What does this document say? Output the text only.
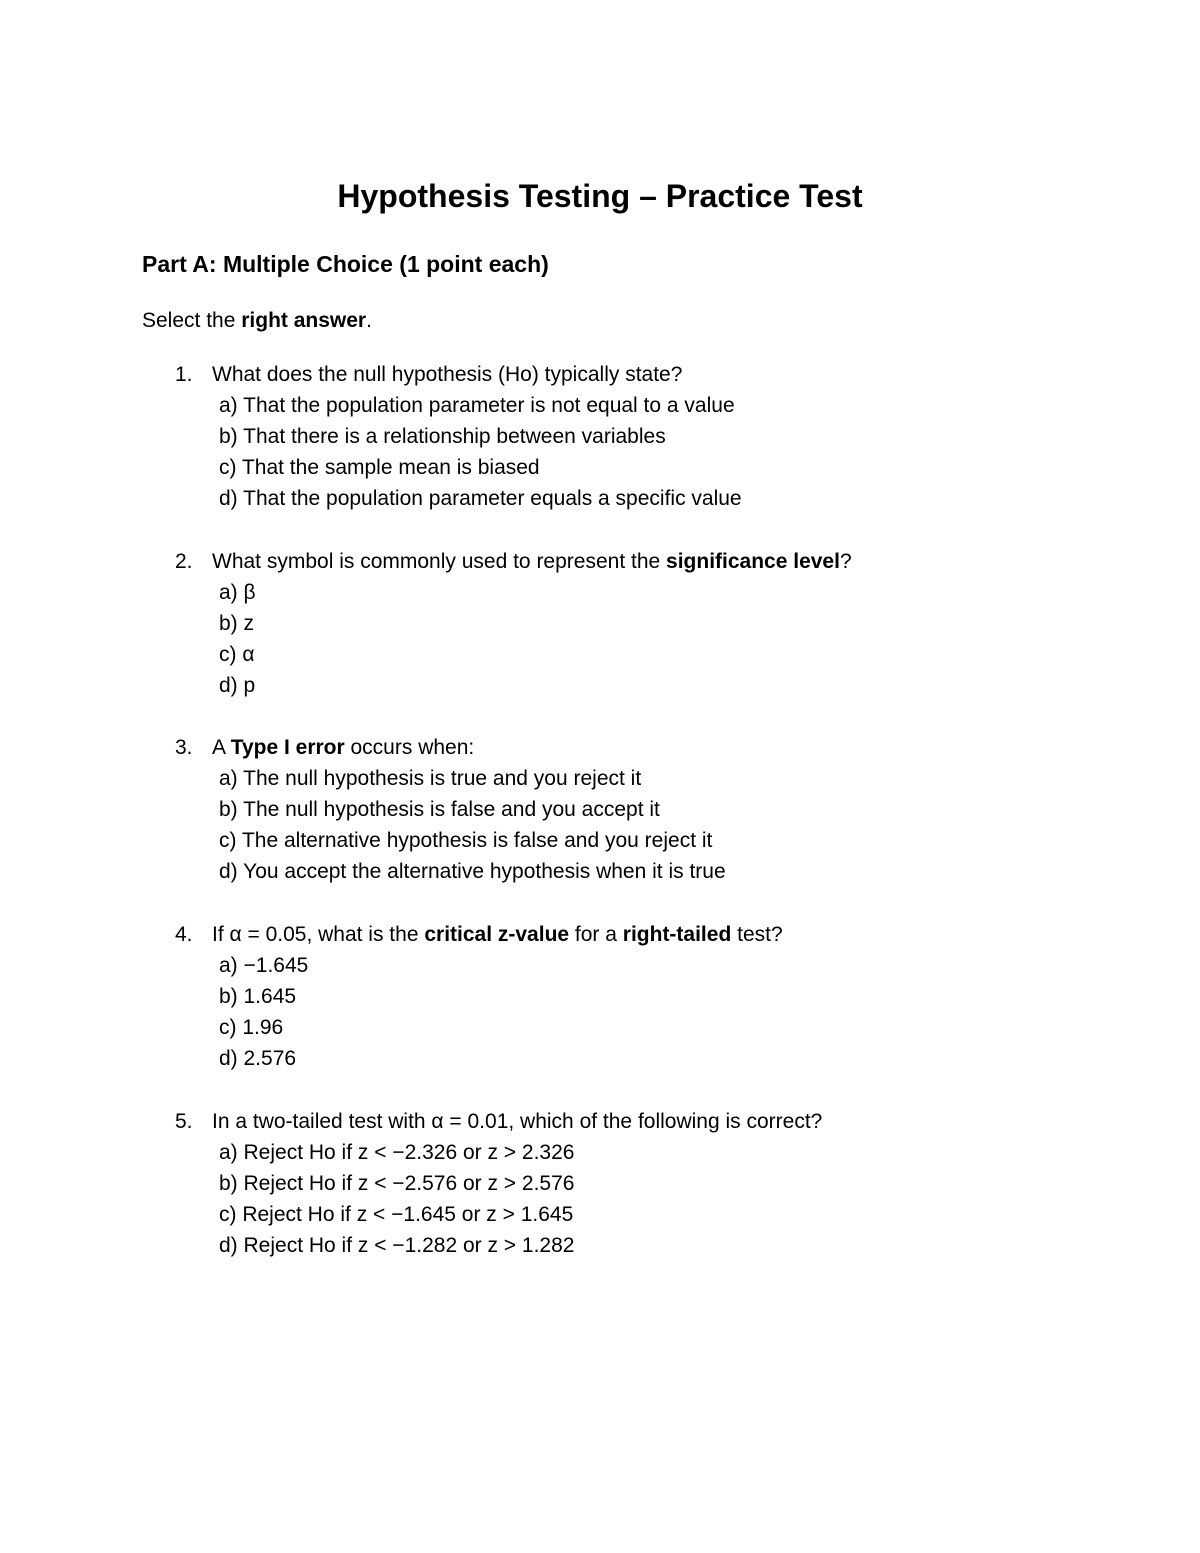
Hypothesis Testing – Practice Test
Part A: Multiple Choice (1 point each)

Select the right answer.

1. What does the null hypothesis (Ho) typically state?
a) That the population parameter is not equal to a value
b) That there is a relationship between variables
c) That the sample mean is biased
d) That the population parameter equals a specific value
2. What symbol is commonly used to represent the significance level?
a) β
b) z
c) α
d) p
3. A Type I error occurs when:
a) The null hypothesis is true and you reject it
b) The null hypothesis is false and you accept it
c) The alternative hypothesis is false and you reject it
d) You accept the alternative hypothesis when it is true
4. If α = 0.05, what is the critical z-value for a right-tailed test?
a) −1.645
b) 1.645
c) 1.96
d) 2.576
5. In a two-tailed test with α = 0.01, which of the following is correct?
a) Reject Ho if z < −2.326 or z > 2.326
b) Reject Ho if z < −2.576 or z > 2.576
c) Reject Ho if z < −1.645 or z > 1.645
d) Reject Ho if z < −1.282 or z > 1.282
